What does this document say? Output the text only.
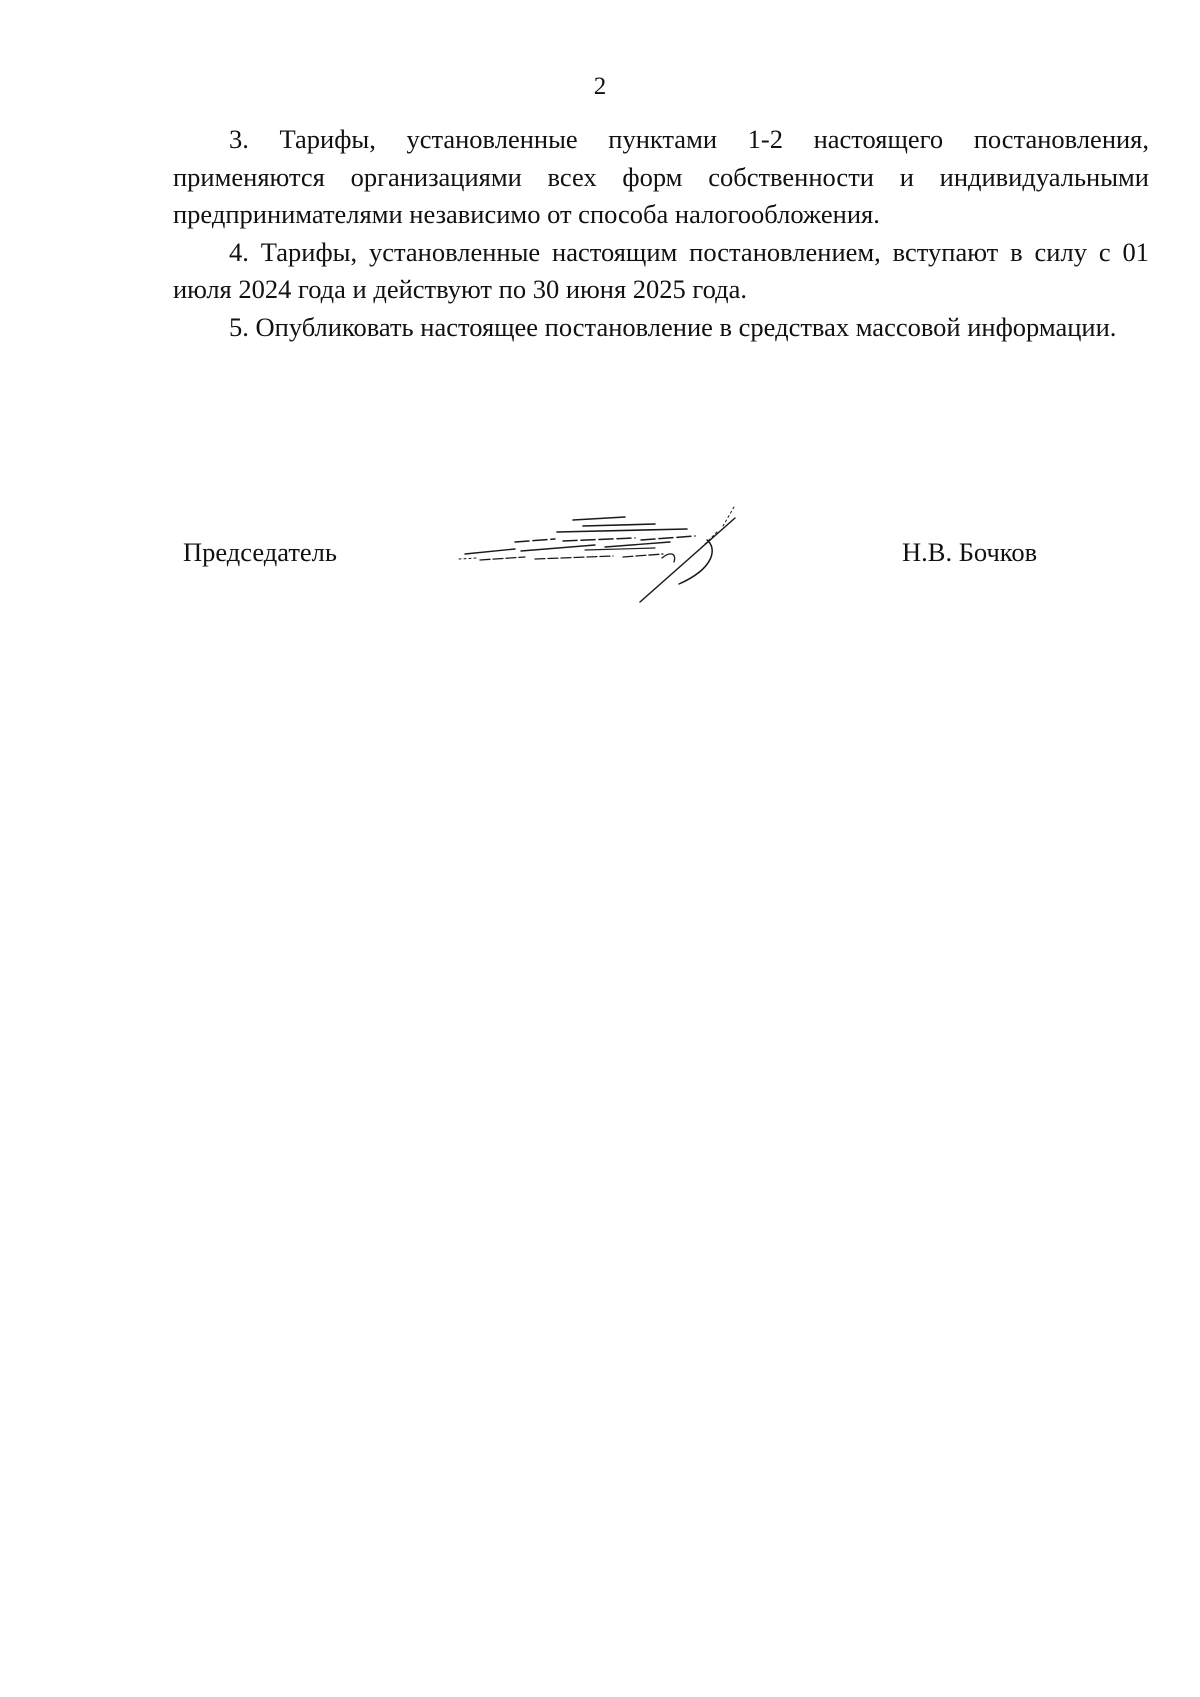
2

3. Тарифы, установленные пунктами 1-2 настоящего постановления, применяются организациями всех форм собственности и индивидуальными предпринимателями независимо от способа налогообложения.

4. Тарифы, установленные настоящим постановлением, вступают в силу с 01 июля 2024 года и действуют по 30 июня 2025 года.

5. Опубликовать настоящее постановление в средствах массовой информации.

Председатель	Н.В. Бочков
